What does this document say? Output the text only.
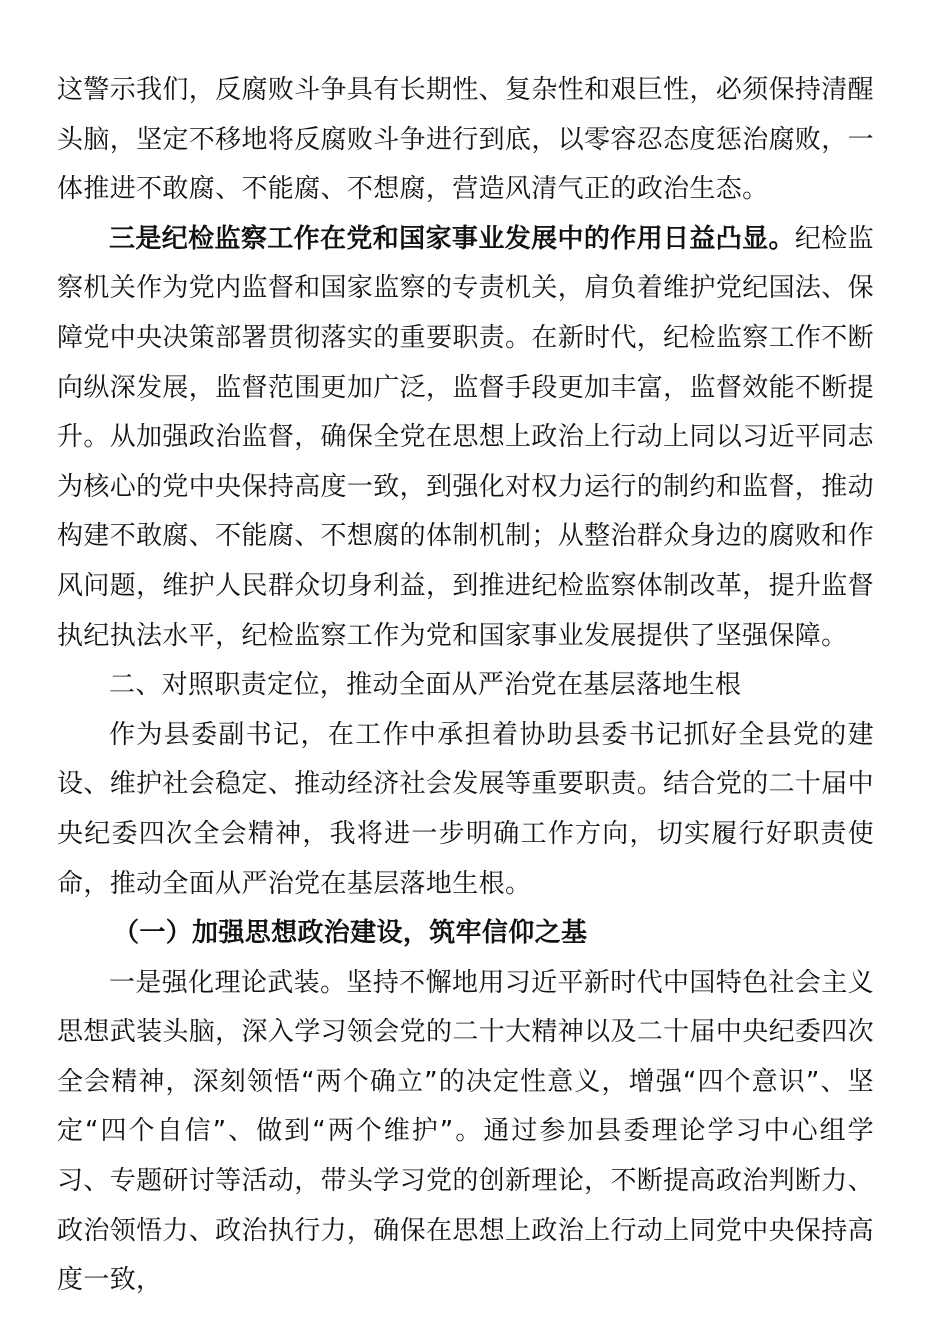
这警示我们，反腐败斗争具有长期性、复杂性和艰巨性，必须保持清醒头脑，坚定不移地将反腐败斗争进行到底，以零容忍态度惩治腐败，一体推进不敢腐、不能腐、不想腐，营造风清气正的政治生态。

三是纪检监察工作在党和国家事业发展中的作用日益凸显。纪检监察机关作为党内监督和国家监察的专责机关，肩负着维护党纪国法、保障党中央决策部署贯彻落实的重要职责。在新时代，纪检监察工作不断向纵深发展，监督范围更加广泛，监督手段更加丰富，监督效能不断提升。从加强政治监督，确保全党在思想上政治上行动上同以习近平同志为核心的党中央保持高度一致，到强化对权力运行的制约和监督，推动构建不敢腐、不能腐、不想腐的体制机制；从整治群众身边的腐败和作风问题，维护人民群众切身利益，到推进纪检监察体制改革，提升监督执纪执法水平，纪检监察工作为党和国家事业发展提供了坚强保障。

二、对照职责定位，推动全面从严治党在基层落地生根

作为县委副书记，在工作中承担着协助县委书记抓好全县党的建设、维护社会稳定、推动经济社会发展等重要职责。结合党的二十届中央纪委四次全会精神，我将进一步明确工作方向，切实履行好职责使命，推动全面从严治党在基层落地生根。

（一）加强思想政治建设，筑牢信仰之基

一是强化理论武装。坚持不懈地用习近平新时代中国特色社会主义思想武装头脑，深入学习领会党的二十大精神以及二十届中央纪委四次全会精神，深刻领悟“两个确立”的决定性意义，增强“四个意识”、坚定“四个自信”、做到“两个维护”。通过参加县委理论学习中心组学习、专题研讨等活动，带头学习党的创新理论，不断提高政治判断力、政治领悟力、政治执行力，确保在思想上政治上行动上同党中央保持高度一致，
